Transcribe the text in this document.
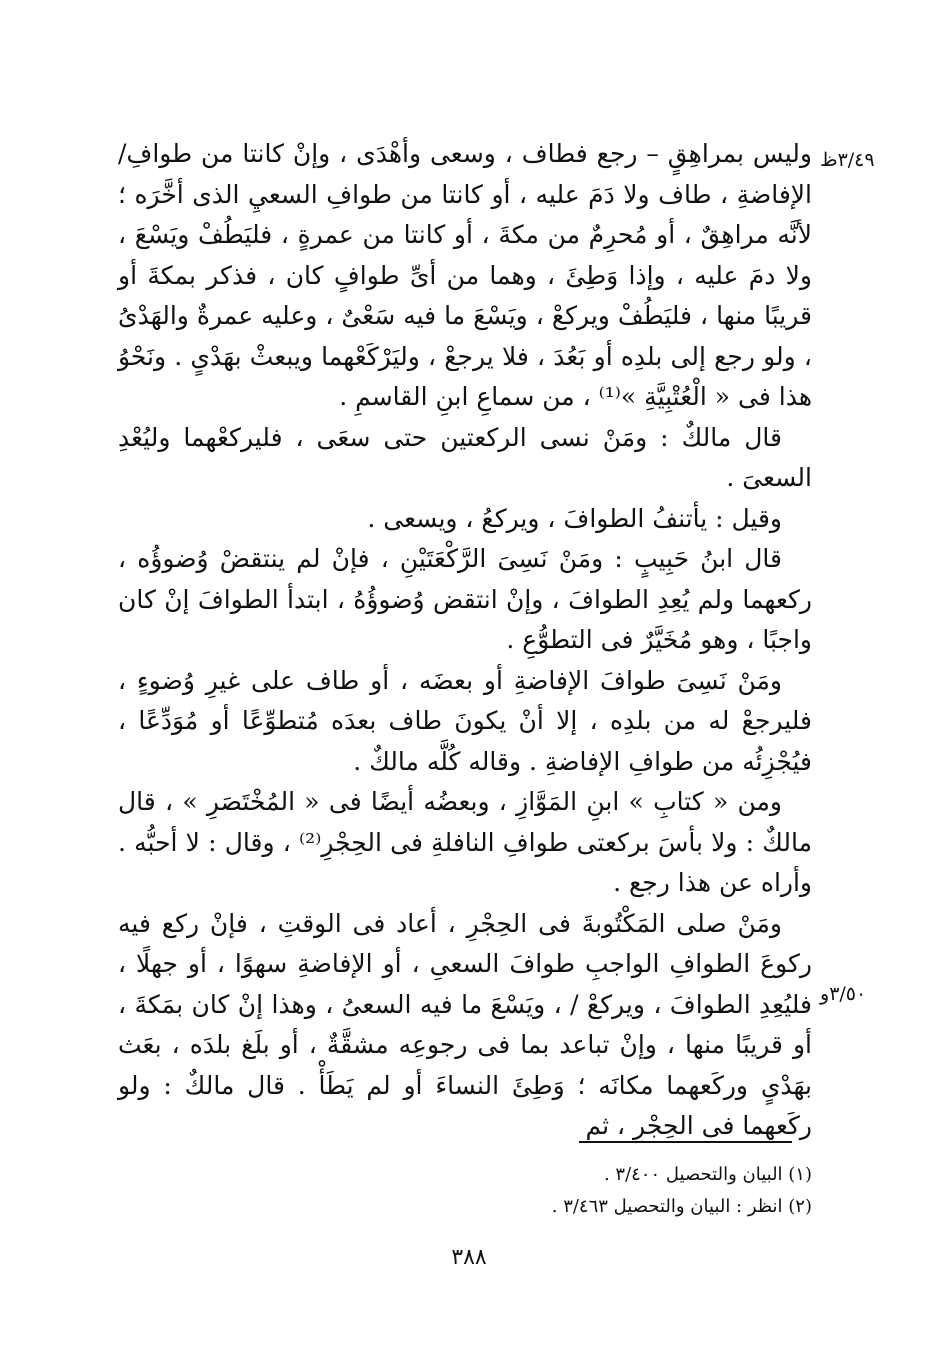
٣/٤٩ظ
٣/٥٠و

وليس بمراهِقٍ – رجع فطاف ، وسعى وأهْدَى ، وإنْ كانتا من طوافِ/ الإفاضةِ ، طاف ولا دَمَ عليه ، أو كانتا من طوافِ السعيِ الذى أخَّرَه ؛ لأنَّه مراهِقٌ ، أو مُحرِمٌ من مكةَ ، أو كانتا من عمرةٍ ، فليَطُفْ ويَسْعَ ، ولا دمَ عليه ، وإذا وَطِئَ ، وهما من أىِّ طوافٍ كان ، فذكر بمكةَ أو قريبًا منها ، فليَطُفْ ويركعْ ، ويَسْعَ ما فيه سَعْىٌ ، وعليه عمرةٌ والهَدْىُ ، ولو رجع إلى بلدِه أو بَعُدَ ، فلا يرجعْ ، وليَرْكَعْهما ويبعثْ بهَدْىٍ . ونَحْوُ هذا فى « الْعُتْبِيَّةِ »⁽¹⁾ ، من سماعِ ابنِ القاسمِ .

قال مالكٌ : ومَنْ نسى الركعتين حتى سعَى ، فليركعْهما وليُعْدِ السعىَ .

وقيل : يأتنفُ الطوافَ ، ويركعُ ، ويسعى .

قال ابنُ حَبِيبٍ : ومَنْ نَسِىَ الرَّكْعَتَيْنِ ، فإنْ لم ينتقضْ وُضوؤُه ، ركعهما ولم يُعِدِ الطوافَ ، وإنْ انتقض وُضوؤُهُ ، ابتدأ الطوافَ إنْ كان واجبًا ، وهو مُخَيَّرٌ فى التطوُّعِ .

ومَنْ نَسِىَ طوافَ الإفاضةِ أو بعضَه ، أو طاف على غيرِ وُضوءٍ ، فليرجعْ له من بلدِه ، إلا أنْ يكونَ طاف بعدَه مُتطوِّعًا أو مُوَدِّعًا ، فيُجْزِئُه من طوافِ الإفاضةِ . وقاله كُلَّه مالكٌ .

ومن « كتابِ » ابنِ المَوَّازِ ، وبعضُه أيضًا فى « المُخْتَصَرِ » ، قال مالكٌ : ولا بأسَ بركعتى طوافِ النافلةِ فى الحِجْرِ⁽²⁾ ، وقال : لا أحبُّه . وأراه عن هذا رجع .

ومَنْ صلى المَكْتُوبةَ فى الحِجْرِ ، أعاد فى الوقتِ ، فإنْ ركع فيه ركوعَ الطوافِ الواجبِ طوافَ السعىِ ، أو الإفاضةِ سهوًا ، أو جهلًا ، فليُعِدِ الطوافَ ، ويركعْ / ، ويَسْعَ ما فيه السعىُ ، وهذا إنْ كان بمَكةَ ، أو قريبًا منها ، وإنْ تباعد بما فى رجوعِه مشقَّةٌ ، أو بلَغ بلدَه ، بعَث بهَدْىٍ وركَعهما مكانَه ؛ وَطِئَ النساءَ أو لم يَطَأْ . قال مالكٌ : ولو ركَعهما فى الحِجْرِ ، ثم

(١) البيان والتحصيل ٣/٤٠٠ .

(٢) انظر : البيان والتحصيل ٣/٤٦٣ .

٣٨٨
